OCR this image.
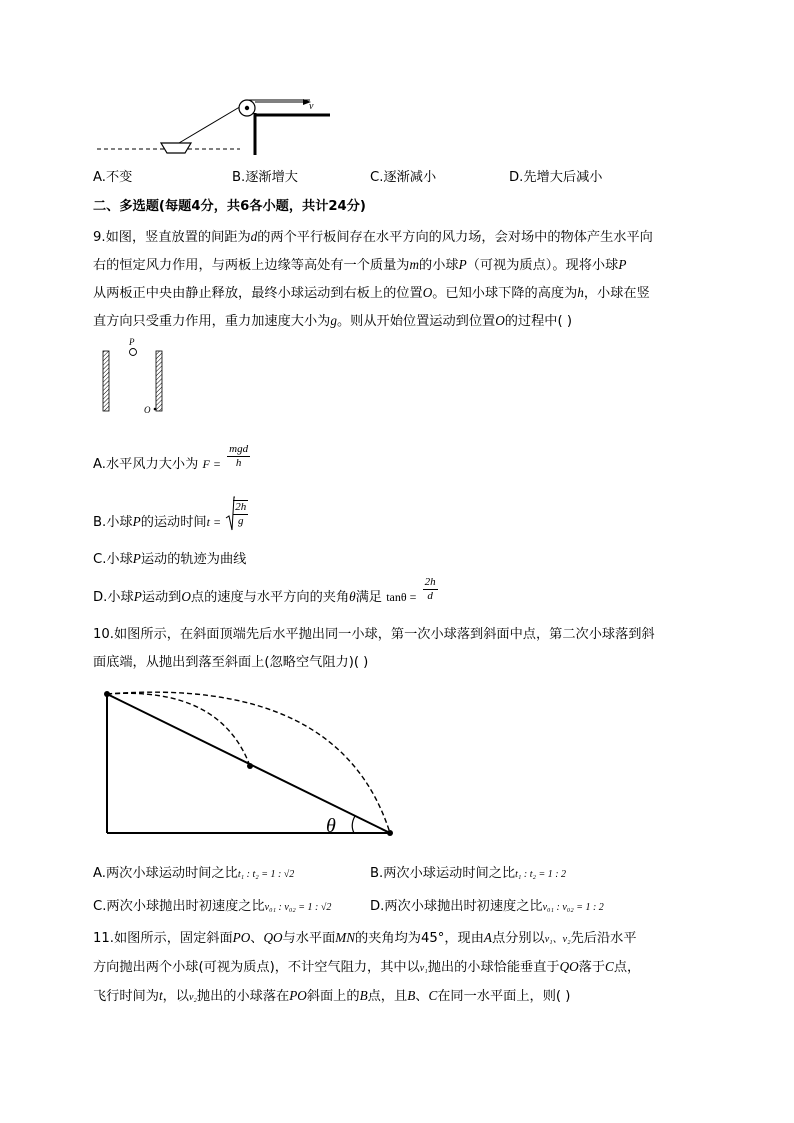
v
A.不变	B.逐渐增大	C.逐渐减小	D.先增大后减小
二、多选题(每题4分，共6各小题，共计24分)
9.如图，竖直放置的间距为d的两个平行板间存在水平方向的风力场，会对场中的物体产生水平向
右的恒定风力作用，与两板上边缘等高处有一个质量为m的小球P（可视为质点）。现将小球P
从两板正中央由静止释放，最终小球运动到右板上的位置O。已知小球下降的高度为h，小球在竖
直方向只受重力作用，重力加速度大小为g。则从开始位置运动到位置O的过程中( )
P
O
A.水平风力大小为 $F = \frac{\text{mgd}}{h}$
B.小球P的运动时间$t = \frac{2h}{g}$
C.小球P运动的轨迹为曲线
D.小球P运动到O点的速度与水平方向的夹角θ满足 $\tan\theta = \frac{2h}{d}$
10.如图所示，在斜面顶端先后水平抛出同一小球，第一次小球落到斜面中点，第二次小球落到斜
面底端，从抛出到落至斜面上(忽略空气阻力)( )
θ
A.两次小球运动时间之比t₁ : t₂ = 1 : √2	B.两次小球运动时间之比t₁ : t₂ = 1 : 2
C.两次小球抛出时初速度之比v₀₁ : v₀₂ = 1 : √2	D.两次小球抛出时初速度之比v₀₁ : v₀₂ = 1 : 2
11.如图所示，固定斜面PO、QO与水平面MN的夹角均为45°，现由A点分别以v₁、v₂先后沿水平
方向抛出两个小球(可视为质点)，不计空气阻力，其中以v₁抛出的小球恰能垂直于QO落于C点，
飞行时间为t，以v₂抛出的小球落在PO斜面上的B点，且B、C在同一水平面上，则( )
